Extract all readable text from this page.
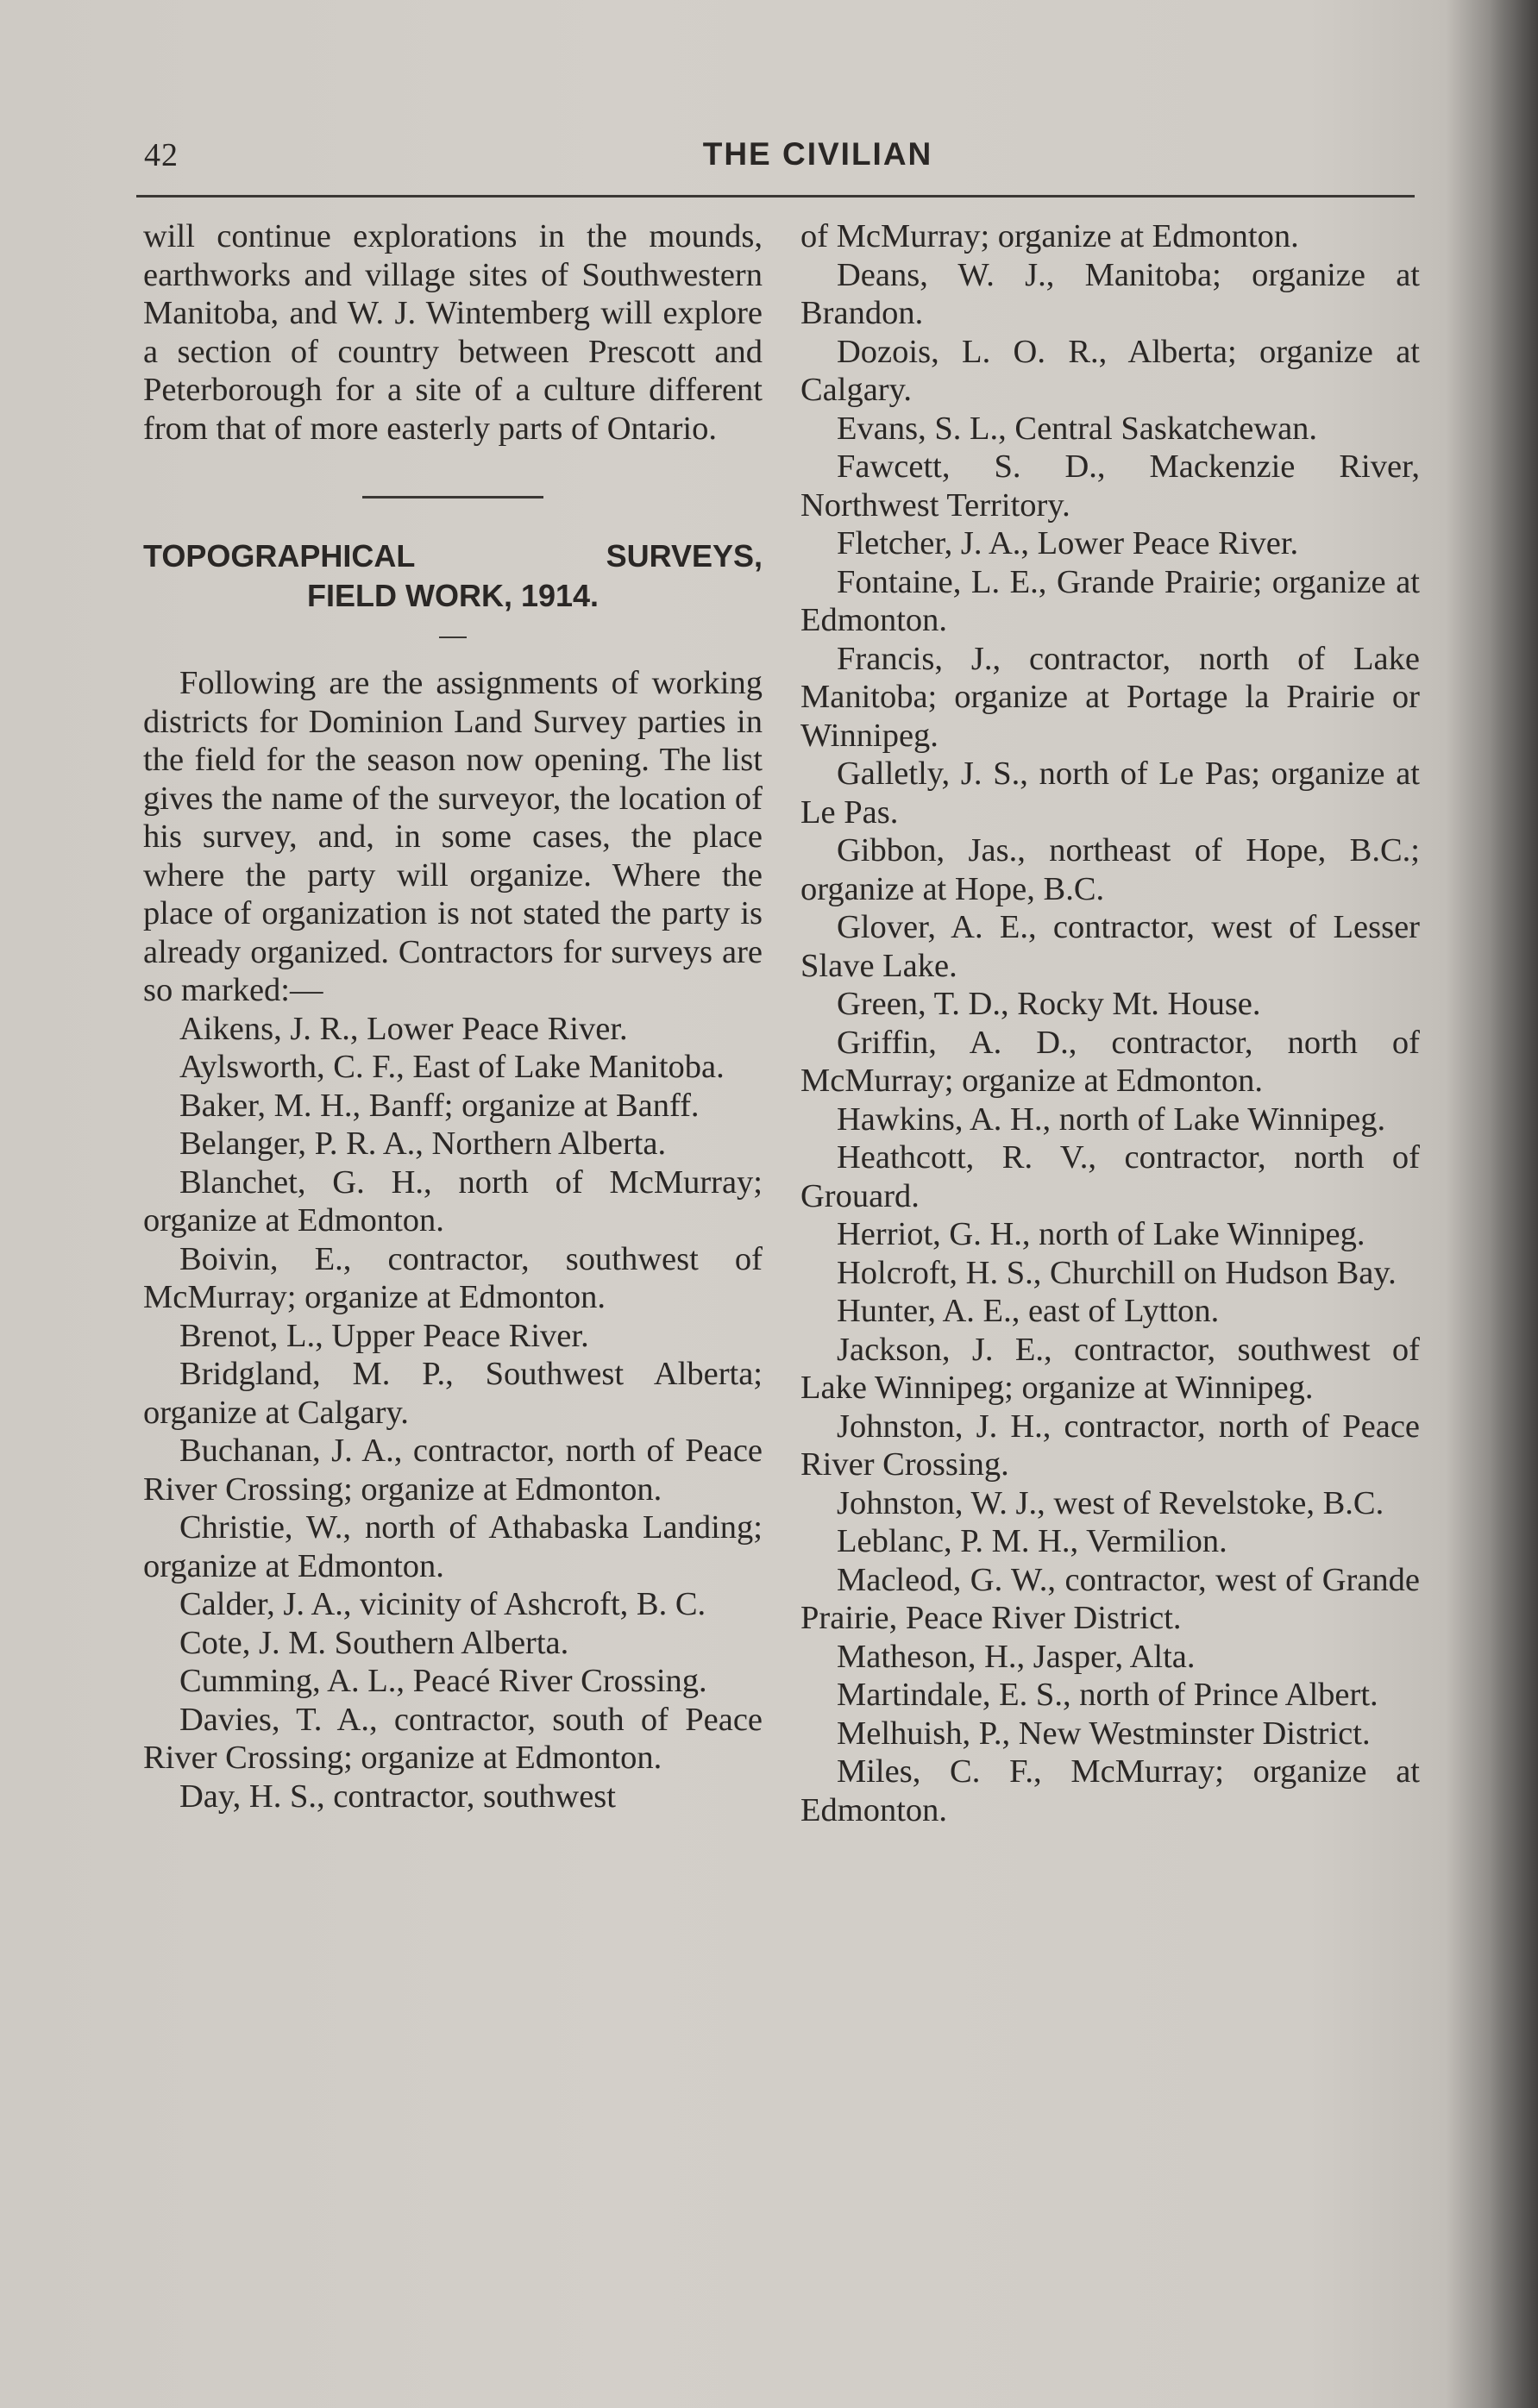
42	THE CIVILIAN

will continue explorations in the mounds, earthworks and village sites of Southwestern Manitoba, and W. J. Wintemberg will explore a section of country between Prescott and Peterborough for a site of a culture different from that of more easterly parts of Ontario.

TOPOGRAPHICAL	SURVEYS,
FIELD WORK, 1914.

Following are the assignments of working districts for Dominion Land Survey parties in the field for the season now opening. The list gives the name of the surveyor, the location of his survey, and, in some cases, the place where the party will organize. Where the place of organization is not stated the party is already organized. Contractors for surveys are so marked:—

Aikens, J. R., Lower Peace River.

Aylsworth, C. F., East of Lake Manitoba.

Baker, M. H., Banff; organize at Banff.

Belanger, P. R. A., Northern Alberta.

Blanchet, G. H., north of McMurray; organize at Edmonton.

Boivin, E., contractor, southwest of McMurray; organize at Edmonton.

Brenot, L., Upper Peace River.

Bridgland, M. P., Southwest Alberta; organize at Calgary.

Buchanan, J. A., contractor, north of Peace River Crossing; organize at Edmonton.

Christie, W., north of Athabaska Landing; organize at Edmonton.

Calder, J. A., vicinity of Ashcroft, B. C.

Cote, J. M. Southern Alberta.

Cumming, A. L., Peacé River Crossing.

Davies, T. A., contractor, south of Peace River Crossing; organize at Edmonton.

Day, H. S., contractor, southwest

of McMurray; organize at Edmonton.

Deans, W. J., Manitoba; organize at Brandon.

Dozois, L. O. R., Alberta; organize at Calgary.

Evans, S. L., Central Saskatchewan.

Fawcett, S. D., Mackenzie River, Northwest Territory.

Fletcher, J. A., Lower Peace River.

Fontaine, L. E., Grande Prairie; organize at Edmonton.

Francis, J., contractor, north of Lake Manitoba; organize at Portage la Prairie or Winnipeg.

Galletly, J. S., north of Le Pas; organize at Le Pas.

Gibbon, Jas., northeast of Hope, B.C.; organize at Hope, B.C.

Glover, A. E., contractor, west of Lesser Slave Lake.

Green, T. D., Rocky Mt. House.

Griffin, A. D., contractor, north of McMurray; organize at Edmonton.

Hawkins, A. H., north of Lake Winnipeg.

Heathcott, R. V., contractor, north of Grouard.

Herriot, G. H., north of Lake Winnipeg.

Holcroft, H. S., Churchill on Hudson Bay.

Hunter, A. E., east of Lytton.

Jackson, J. E., contractor, southwest of Lake Winnipeg; organize at Winnipeg.

Johnston, J. H., contractor, north of Peace River Crossing.

Johnston, W. J., west of Revelstoke, B.C.

Leblanc, P. M. H., Vermilion.

Macleod, G. W., contractor, west of Grande Prairie, Peace River District.

Matheson, H., Jasper, Alta.

Martindale, E. S., north of Prince Albert.

Melhuish, P., New Westminster District.

Miles, C. F., McMurray; organize at Edmonton.
